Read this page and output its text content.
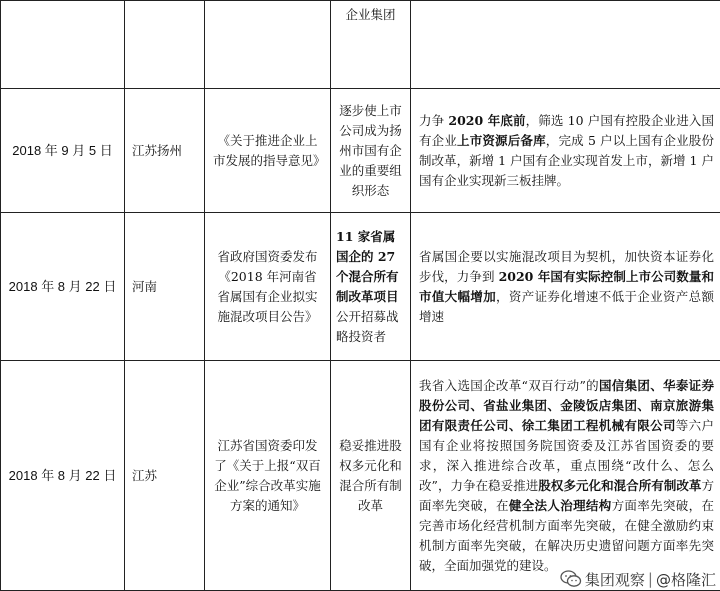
			企业集团	

2018 年 9 月 5 日	江苏扬州	《关于推进企业上市发展的指导意见》	逐步使上市公司成为扬州市国有企业的重要组织形态	力争 2020 年底前，筛选 10 户国有控股企业进入国有企业上市资源后备库，完成 5 户以上国有企业股份制改革，新增 1 户国有企业实现首发上市，新增 1 户国有企业实现新三板挂牌。

2018 年 8 月 22 日	河南	省政府国资委发布《2018 年河南省省属国有企业拟实施混改项目公告》	11 家省属国企的 27 个混合所有制改革项目公开招募战略投资者	省属国企要以实施混改项目为契机，加快资本证券化步伐，力争到 2020 年国有实际控制上市公司数量和市值大幅增加，资产证券化增速不低于企业资产总额增速

2018 年 8 月 22 日	江苏	江苏省国资委印发了《关于上报“双百企业”综合改革实施方案的通知》	稳妥推进股权多元化和混合所有制改革	我省入选国企改革“双百行动”的国信集团、华泰证券股份公司、省盐业集团、金陵饭店集团、南京旅游集团有限责任公司、徐工集团工程机械有限公司等六户国有企业将按照国务院国资委及江苏省国资委的要求，深入推进综合改革，重点围绕“改什么、怎么改”，力争在稳妥推进股权多元化和混合所有制改革方面率先突破，在健全法人治理结构方面率先突破，在完善市场化经营机制方面率先突破，在健全激励约束机制方面率先突破，在解决历史遗留问题方面率先突破，全面加强党的建设。

集团观察 | @格隆汇
